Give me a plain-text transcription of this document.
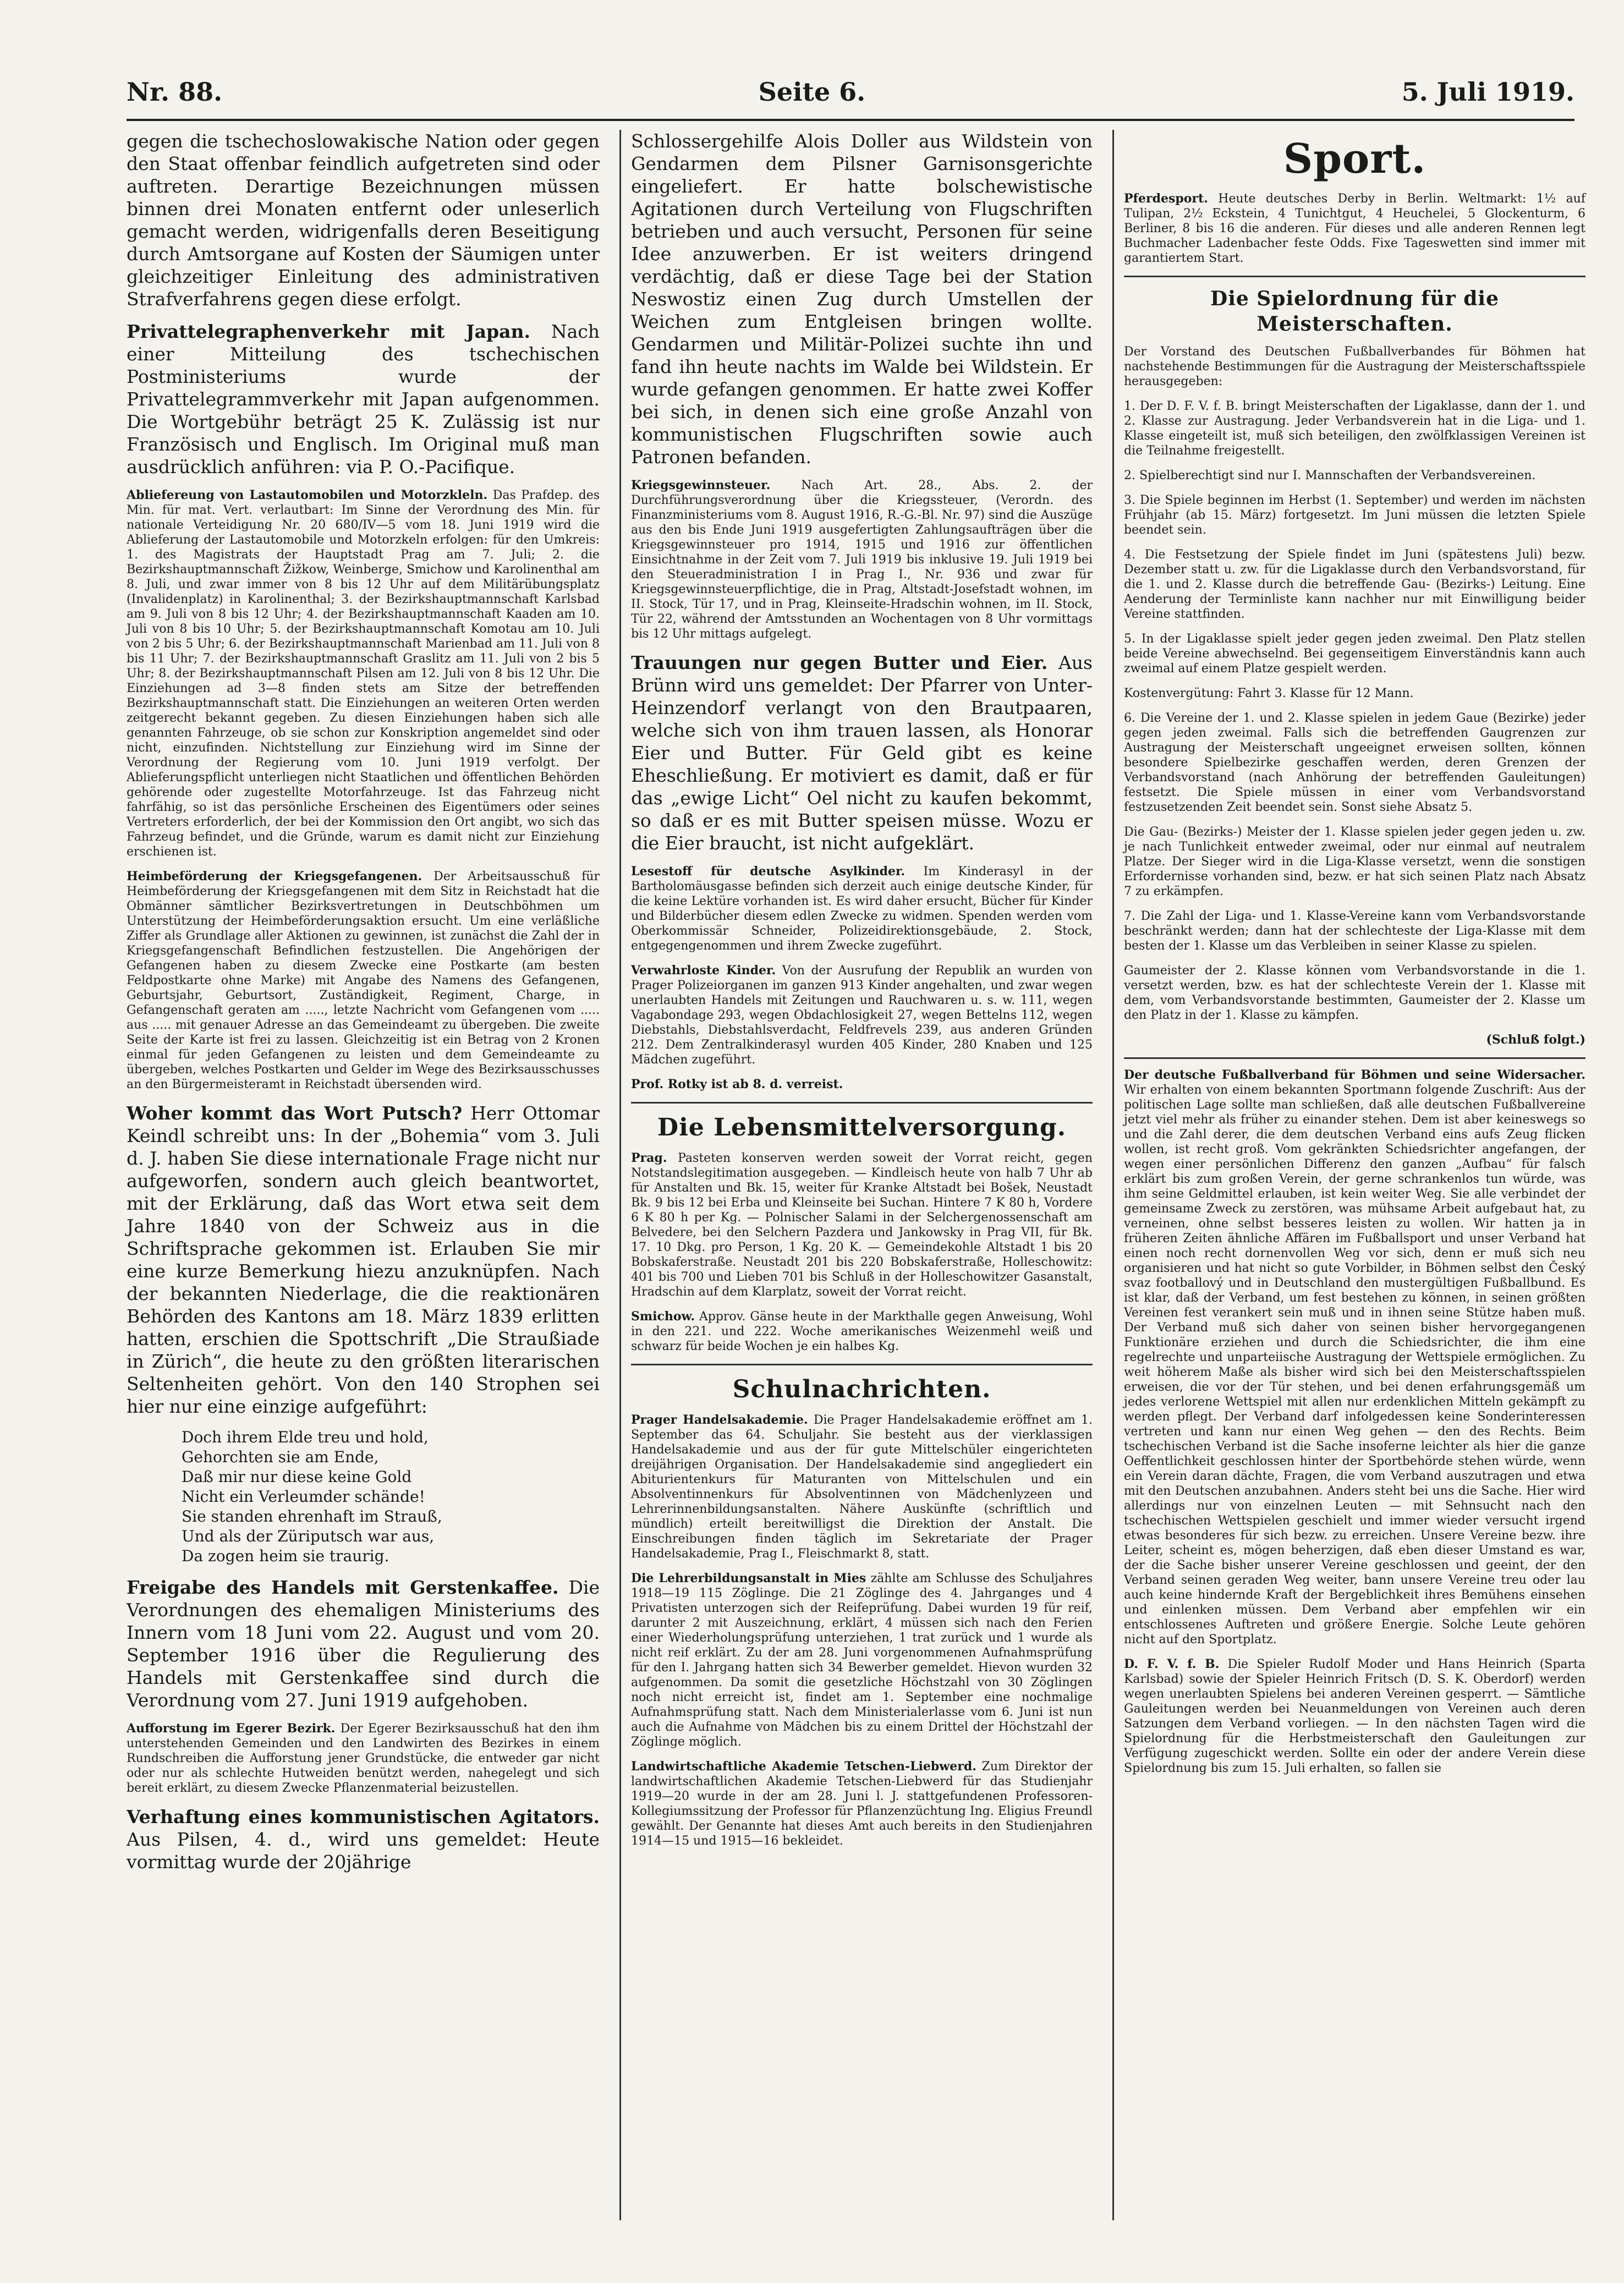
Nr. 88.	Seite 6.	5. Juli 1919.
gegen die tschechoslowakische Nation oder gegen den Staat offenbar feindlich aufgetreten sind oder auftreten. Derartige Bezeichnungen müssen binnen drei Monaten entfernt oder unleserlich gemacht werden, widrigenfalls deren Beseitigung durch Amtsorgane auf Kosten der Säumigen unter gleichzeitiger Einleitung des administrativen Strafverfahrens gegen diese erfolgt.
Privattelegraphenverkehr mit Japan. Nach einer Mitteilung des tschechischen Postministeriums wurde der Privattelegrammverkehr mit Japan aufgenommen. Die Wortgebühr beträgt 25 K. Zulässig ist nur Französisch und Englisch. Im Original muß man ausdrücklich anführen: via P. O.-Pacifique.
Abliefereung von Lastautomobilen und Motorzkleln. Das Prafdep. des Min. für mat. Vert. verlautbart: Im Sinne der Verordnung des Min. für nationale Verteidigung Nr. 20 680/IV—5 vom 18. Juni 1919 wird die Ablieferung der Lastautomobile und Motorzkeln erfolgen: für den Umkreis: 1. des Magistrats der Hauptstadt Prag am 7. Juli; 2. die Bezirkshauptmannschaft Žižkow, Weinberge, Smichow und Karolinenthal am 8. Juli, und zwar immer von 8 bis 12 Uhr auf dem Militärübungsplatz (Invalidenplatz) in Karolinenthal; 3. der Bezirkshauptmannschaft Karlsbad am 9. Juli von 8 bis 12 Uhr; 4. der Bezirkshauptmannschaft Kaaden am 10. Juli von 8 bis 10 Uhr; 5. der Bezirkshauptmannschaft Komotau am 10. Juli von 2 bis 5 Uhr; 6. der Bezirkshauptmannschaft Marienbad am 11. Juli von 8 bis 11 Uhr; 7. der Bezirkshauptmannschaft Graslitz am 11. Juli von 2 bis 5 Uhr; 8. der Bezirkshauptmannschaft Pilsen am 12. Juli von 8 bis 12 Uhr. Die Einziehungen ad 3—8 finden stets am Sitze der betreffenden Bezirkshauptmannschaft statt. Die Einziehungen an weiteren Orten werden zeitgerecht bekannt gegeben. Zu diesen Einziehungen haben sich alle genannten Fahrzeuge, ob sie schon zur Konskription angemeldet sind oder nicht, einzufinden. Nichtstellung zur Einziehung wird im Sinne der Verordnung der Regierung vom 10. Juni 1919 verfolgt. Der Ablieferungspflicht unterliegen nicht Staatlichen und öffentlichen Behörden gehörende oder zugestellte Motorfahrzeuge. Ist das Fahrzeug nicht fahrfähig, so ist das persönliche Erscheinen des Eigentümers oder seines Vertreters erforderlich, der bei der Kommission den Ort angibt, wo sich das Fahrzeug befindet, und die Gründe, warum es damit nicht zur Einziehung erschienen ist.
Heimbeförderung der Kriegsgefangenen. Der Arbeitsausschuß für Heimbeförderung der Kriegsgefangenen mit dem Sitz in Reichstadt hat die Obmänner sämtlicher Bezirksvertretungen in Deutschböhmen um Unterstützung der Heimbeförderungsaktion ersucht. Um eine verläßliche Ziffer als Grundlage aller Aktionen zu gewinnen, ist zunächst die Zahl der in Kriegsgefangenschaft Befindlichen festzustellen. Die Angehörigen der Gefangenen haben zu diesem Zwecke eine Postkarte (am besten Feldpostkarte ohne Marke) mit Angabe des Namens des Gefangenen, Geburtsjahr, Geburtsort, Zuständigkeit, Regiment, Charge, in Gefangenschaft geraten am ....., letzte Nachricht vom Gefangenen vom ..... aus ..... mit genauer Adresse an das Gemeindeamt zu übergeben. Die zweite Seite der Karte ist frei zu lassen. Gleichzeitig ist ein Betrag von 2 Kronen einmal für jeden Gefangenen zu leisten und dem Gemeindeamte zu übergeben, welches Postkarten und Gelder im Wege des Bezirksausschusses an den Bürgermeisteramt in Reichstadt übersenden wird.
Woher kommt das Wort Putsch? Herr Ottomar Keindl schreibt uns: In der „Bohemia“ vom 3. Juli d. J. haben Sie diese internationale Frage nicht nur aufgeworfen, sondern auch gleich beantwortet, mit der Erklärung, daß das Wort etwa seit dem Jahre 1840 von der Schweiz aus in die Schriftsprache gekommen ist. Erlauben Sie mir eine kurze Bemerkung hiezu anzuknüpfen. Nach der bekannten Niederlage, die die reaktionären Behörden des Kantons am 18. März 1839 erlitten hatten, erschien die Spottschrift „Die Straußiade in Zürich“, die heute zu den größten literarischen Seltenheiten gehört. Von den 140 Strophen sei hier nur eine einzige aufgeführt:
Doch ihrem Elde treu und hold,
Gehorchten sie am Ende,
Daß mir nur diese keine Gold
Nicht ein Verleumder schände!
Sie standen ehrenhaft im Strauß,
Und als der Züriputsch war aus,
Da zogen heim sie traurig.
Freigabe des Handels mit Gerstenkaffee. Die Verordnungen des ehemaligen Ministeriums des Innern vom 18 Juni vom 22. August und vom 20. September 1916 über die Regulierung des Handels mit Gerstenkaffee sind durch die Verordnung vom 27. Juni 1919 aufgehoben.
Aufforstung im Egerer Bezirk. Der Egerer Bezirksausschuß hat den ihm unterstehenden Gemeinden und den Landwirten des Bezirkes in einem Rundschreiben die Aufforstung jener Grundstücke, die entweder gar nicht oder nur als schlechte Hutweiden benützt werden, nahegelegt und sich bereit erklärt, zu diesem Zwecke Pflanzenmaterial beizustellen.
Verhaftung eines kommunistischen Agitators. Aus Pilsen, 4. d., wird uns gemeldet: Heute vormittag wurde der 20jährige
Schlossergehilfe Alois Doller aus Wildstein von Gendarmen dem Pilsner Garnisonsgerichte eingeliefert. Er hatte bolschewistische Agitationen durch Verteilung von Flugschriften betrieben und auch versucht, Personen für seine Idee anzuwerben. Er ist weiters dringend verdächtig, daß er diese Tage bei der Station Neswostiz einen Zug durch Umstellen der Weichen zum Entgleisen bringen wollte. Gendarmen und Militär-Polizei suchte ihn und fand ihn heute nachts im Walde bei Wildstein. Er wurde gefangen genommen. Er hatte zwei Koffer bei sich, in denen sich eine große Anzahl von kommunistischen Flugschriften sowie auch Patronen befanden.
Kriegsgewinnsteuer.	Nach Art. 28., Abs. 2. der Durchführungsverordnung über die Kriegssteuer, (Verordn. des Finanzministeriums vom 8. August 1916, R.-G.-Bl. Nr. 97) sind die Auszüge aus den bis Ende Juni 1919 ausgefertigten Zahlungsaufträgen über die Kriegsgewinnsteuer pro 1914, 1915 und 1916 zur öffentlichen Einsichtnahme in der Zeit vom 7. Juli 1919 bis inklusive 19. Juli 1919 bei den Steueradministration I in Prag I., Nr. 936 und zwar für Kriegsgewinnsteuerpflichtige, die in Prag, Altstadt-Josefstadt wohnen, im II. Stock, Tür 17, und in Prag, Kleinseite-Hradschin wohnen, im II. Stock, Tür 22, während der Amtsstunden an Wochentagen von 8 Uhr vormittags bis 12 Uhr mittags aufgelegt.
Trauungen nur gegen Butter und Eier. Aus Brünn wird uns gemeldet: Der Pfarrer von Unter-Heinzendorf verlangt von den Brautpaaren, welche sich von ihm trauen lassen, als Honorar Eier und Butter. Für Geld gibt es keine Eheschließung. Er motiviert es damit, daß er für das „ewige Licht“ Oel nicht zu kaufen bekommt, so daß er es mit Butter speisen müsse. Wozu er die Eier braucht, ist nicht aufgeklärt.
Lesestoff für deutsche Asylkinder. Im Kinderasyl in der Bartholomäusgasse befinden sich derzeit auch einige deutsche Kinder, für die keine Lektüre vorhanden ist. Es wird daher ersucht, Bücher für Kinder und Bilderbücher diesem edlen Zwecke zu widmen. Spenden werden vom Oberkommissär Schneider, Polizeidirektionsgebäude, 2. Stock, entgegengenommen und ihrem Zwecke zugeführt.
Verwahrloste Kinder. Von der Ausrufung der Republik an wurden von Prager Polizeiorganen im ganzen 913 Kinder angehalten, und zwar wegen unerlaubten Handels mit Zeitungen und Rauchwaren u. s. w. 111, wegen Vagabondage 293, wegen Obdachlosigkeit 27, wegen Bettelns 112, wegen Diebstahls, Diebstahlsverdacht, Feldfrevels 239, aus anderen Gründen 212. Dem Zentralkinderasyl wurden 405 Kinder, 280 Knaben und 125 Mädchen zugeführt.
Prof. Rotky ist ab 8. d. verreist.
Die Lebensmittelversorgung.
Prag. Pasteten konserven werden soweit der Vorrat reicht, gegen Notstandslegitimation ausgegeben. — Kindleisch heute von halb 7 Uhr ab für Anstalten und Bk. 15, weiter für Kranke Altstadt bei Bošek, Neustadt Bk. 9 bis 12 bei Erba und Kleinseite bei Suchan. Hintere 7 K 80 h, Vordere 6 K 80 h per Kg. — Polnischer Salami in der Selchergenossenschaft am Belvedere, bei den Selchern Pazdera und Jankowsky in Prag VII, für Bk. 17. 10 Dkg. pro Person, 1 Kg. 20 K. — Gemeindekohle Altstadt 1 bis 20 Bobskaferstraße. Neustadt 201 bis 220 Bobskaferstraße, Holleschowitz: 401 bis 700 und Lieben 701 bis Schluß in der Holleschowitzer Gasanstalt, Hradschin auf dem Klarplatz, soweit der Vorrat reicht.
Smichow. Approv. Gänse heute in der Markthalle gegen Anweisung, Wohl in den 221. und 222. Woche amerikanisches Weizenmehl weiß und schwarz für beide Wochen je ein halbes Kg.
Schulnachrichten.
Prager Handelsakademie. Die Prager Handelsakademie eröffnet am 1. September das 64. Schuljahr. Sie besteht aus der vierklassigen Handelsakademie und aus der für gute Mittelschüler eingerichteten dreijährigen Organisation. Der Handelsakademie sind angegliedert ein Abiturientenkurs für Maturanten von Mittelschulen und ein Absolventinnenkurs für Absolventinnen von Mädchenlyzeen und Lehrerinnenbildungsanstalten. Nähere Auskünfte (schriftlich und mündlich) erteilt bereitwilligst die Direktion der Anstalt. Die Einschreibungen finden täglich im Sekretariate der Prager Handelsakademie, Prag I., Fleischmarkt 8, statt.
Die Lehrerbildungsanstalt in Mies zählte am Schlusse des Schuljahres 1918—19 115 Zöglinge. Die 21 Zöglinge des 4. Jahrganges und 4 Privatisten unterzogen sich der Reifeprüfung. Dabei wurden 19 für reif, darunter 2 mit Auszeichnung, erklärt, 4 müssen sich nach den Ferien einer Wiederholungsprüfung unterziehen, 1 trat zurück und 1 wurde als nicht reif erklärt. Zu der am 28. Juni vorgenommenen Aufnahmsprüfung für den I. Jahrgang hatten sich 34 Bewerber gemeldet. Hievon wurden 32 aufgenommen. Da somit die gesetzliche Höchstzahl von 30 Zöglingen noch nicht erreicht ist, findet am 1. September eine nochmalige Aufnahmsprüfung statt. Nach dem Ministerialerlasse vom 6. Juni ist nun auch die Aufnahme von Mädchen bis zu einem Drittel der Höchstzahl der Zöglinge möglich.
Landwirtschaftliche Akademie Tetschen-Liebwerd. Zum Direktor der landwirtschaftlichen Akademie Tetschen-Liebwerd für das Studienjahr 1919—20 wurde in der am 28. Juni l. J. stattgefundenen Professoren-Kollegiumssitzung der Professor für Pflanzenzüchtung Ing. Eligius Freundl gewählt. Der Genannte hat dieses Amt auch bereits in den Studienjahren 1914—15 und 1915—16 bekleidet.
Sport.
Pferdesport. Heute deutsches Derby in Berlin. Weltmarkt: 1½ auf Tulipan, 2½ Eckstein, 4 Tunichtgut, 4 Heuchelei, 5 Glockenturm, 6 Berliner, 8 bis 16 die anderen. Für dieses und alle anderen Rennen legt Buchmacher Ladenbacher feste Odds. Fixe Tageswetten sind immer mit garantiertem Start.
Die Spielordnung für die Meisterschaften.
Der Vorstand des Deutschen Fußballverbandes für Böhmen hat nachstehende Bestimmungen für die Austragung der Meisterschaftsspiele herausgegeben:
1. Der D. F. V. f. B. bringt Meisterschaften der Ligaklasse, dann der 1. und 2. Klasse zur Austragung. Jeder Verbandsverein hat in die Liga- und 1. Klasse eingeteilt ist, muß sich beteiligen, den zwölfklassigen Vereinen ist die Teilnahme freigestellt.
2. Spielberechtigt sind nur I. Mannschaften der Verbandsvereinen.
3. Die Spiele beginnen im Herbst (1. September) und werden im nächsten Frühjahr (ab 15. März) fortgesetzt. Im Juni müssen die letzten Spiele beendet sein.
4. Die Festsetzung der Spiele findet im Juni (spätestens Juli) bezw. Dezember statt u. zw. für die Ligaklasse durch den Verbandsvorstand, für die 1. und 2. Klasse durch die betreffende Gau- (Bezirks-) Leitung. Eine Aenderung der Terminliste kann nachher nur mit Einwilligung beider Vereine stattfinden.
5. In der Ligaklasse spielt jeder gegen jeden zweimal. Den Platz stellen beide Vereine abwechselnd. Bei gegenseitigem Einverständnis kann auch zweimal auf einem Platze gespielt werden.
Kostenvergütung: Fahrt 3. Klasse für 12 Mann.
6. Die Vereine der 1. und 2. Klasse spielen in jedem Gaue (Bezirke) jeder gegen jeden zweimal. Falls sich die betreffenden Gaugrenzen zur Austragung der Meisterschaft ungeeignet erweisen sollten, können besondere Spielbezirke geschaffen werden, deren Grenzen der Verbandsvorstand (nach Anhörung der betreffenden Gauleitungen) festsetzt. Die Spiele müssen in einer vom Verbandsvorstand festzusetzenden Zeit beendet sein. Sonst siehe Absatz 5.
Die Gau- (Bezirks-) Meister der 1. Klasse spielen jeder gegen jeden u. zw. je nach Tunlichkeit entweder zweimal, oder nur einmal auf neutralem Platze. Der Sieger wird in die Liga-Klasse versetzt, wenn die sonstigen Erfordernisse vorhanden sind, bezw. er hat sich seinen Platz nach Absatz 7 zu erkämpfen.
7. Die Zahl der Liga- und 1. Klasse-Vereine kann vom Verbandsvorstande beschränkt werden; dann hat der schlechteste der Liga-Klasse mit dem besten der 1. Klasse um das Verbleiben in seiner Klasse zu spielen.
Gaumeister der 2. Klasse können vom Verbandsvorstande in die 1. versetzt werden, bzw. es hat der schlechteste Verein der 1. Klasse mit dem, vom Verbandsvorstande bestimmten, Gaumeister der 2. Klasse um den Platz in der 1. Klasse zu kämpfen.
(Schluß folgt.)
Der deutsche Fußballverband für Böhmen und seine Widersacher. Wir erhalten von einem bekannten Sportmann folgende Zuschrift: Aus der politischen Lage sollte man schließen, daß alle deutschen Fußballvereine jetzt viel mehr als früher zu einander stehen. Dem ist aber keineswegs so und die Zahl derer, die dem deutschen Verband eins aufs Zeug flicken wollen, ist recht groß. Vom gekränkten Schiedsrichter angefangen, der wegen einer persönlichen Differenz den ganzen „Aufbau“ für falsch erklärt bis zum großen Verein, der gerne schrankenlos tun würde, was ihm seine Geldmittel erlauben, ist kein weiter Weg. Sie alle verbindet der gemeinsame Zweck zu zerstören, was mühsame Arbeit aufgebaut hat, zu verneinen, ohne selbst besseres leisten zu wollen. Wir hatten ja in früheren Zeiten ähnliche Affären im Fußballsport und unser Verband hat einen noch recht dornenvollen Weg vor sich, denn er muß sich neu organisieren und hat nicht so gute Vorbilder, in Böhmen selbst den Český svaz footballový und in Deutschland den mustergültigen Fußballbund. Es ist klar, daß der Verband, um fest bestehen zu können, in seinen größten Vereinen fest verankert sein muß und in ihnen seine Stütze haben muß. Der Verband muß sich daher von seinen bisher hervorgegangenen Funktionäre erziehen und durch die Schiedsrichter, die ihm eine regelrechte und unparteiische Austragung der Wettspiele ermöglichen. Zu weit höherem Maße als bisher wird sich bei den Meisterschaftsspielen erweisen, die vor der Tür stehen, und bei denen erfahrungsgemäß um jedes verlorene Wettspiel mit allen nur erdenklichen Mitteln gekämpft zu werden pflegt. Der Verband darf infolgedessen keine Sonderinteressen vertreten und kann nur einen Weg gehen — den des Rechts. Beim tschechischen Verband ist die Sache insoferne leichter als hier die ganze Oeffentlichkeit geschlossen hinter der Sportbehörde stehen würde, wenn ein Verein daran dächte, Fragen, die vom Verband auszutragen und etwa mit den Deutschen anzubahnen. Anders steht bei uns die Sache. Hier wird allerdings nur von einzelnen Leuten — mit Sehnsucht nach den tschechischen Wettspielen geschielt und immer wieder versucht irgend etwas besonderes für sich bezw. zu erreichen. Unsere Vereine bezw. ihre Leiter, scheint es, mögen beherzigen, daß eben dieser Umstand es war, der die Sache bisher unserer Vereine geschlossen und geeint, der den Verband seinen geraden Weg weiter, bann unsere Vereine treu oder lau auch keine hindernde Kraft der Bergeblichkeit ihres Bemühens einsehen und einlenken müssen. Dem Verband aber empfehlen wir ein entschlossenes Auftreten und größere Energie. Solche Leute gehören nicht auf den Sportplatz.
D. F. V. f. B. Die Spieler Rudolf Moder und Hans Heinrich (Sparta Karlsbad) sowie der Spieler Heinrich Fritsch (D. S. K. Oberdorf) werden wegen unerlaubten Spielens bei anderen Vereinen gesperrt. — Sämtliche Gauleitungen werden bei Neuanmeldungen von Vereinen auch deren Satzungen dem Verband vorliegen. — In den nächsten Tagen wird die Spielordnung für die Herbstmeisterschaft den Gauleitungen zur Verfügung zugeschickt werden. Sollte ein oder der andere Verein diese Spielordnung bis zum 15. Juli erhalten, so fallen sie
